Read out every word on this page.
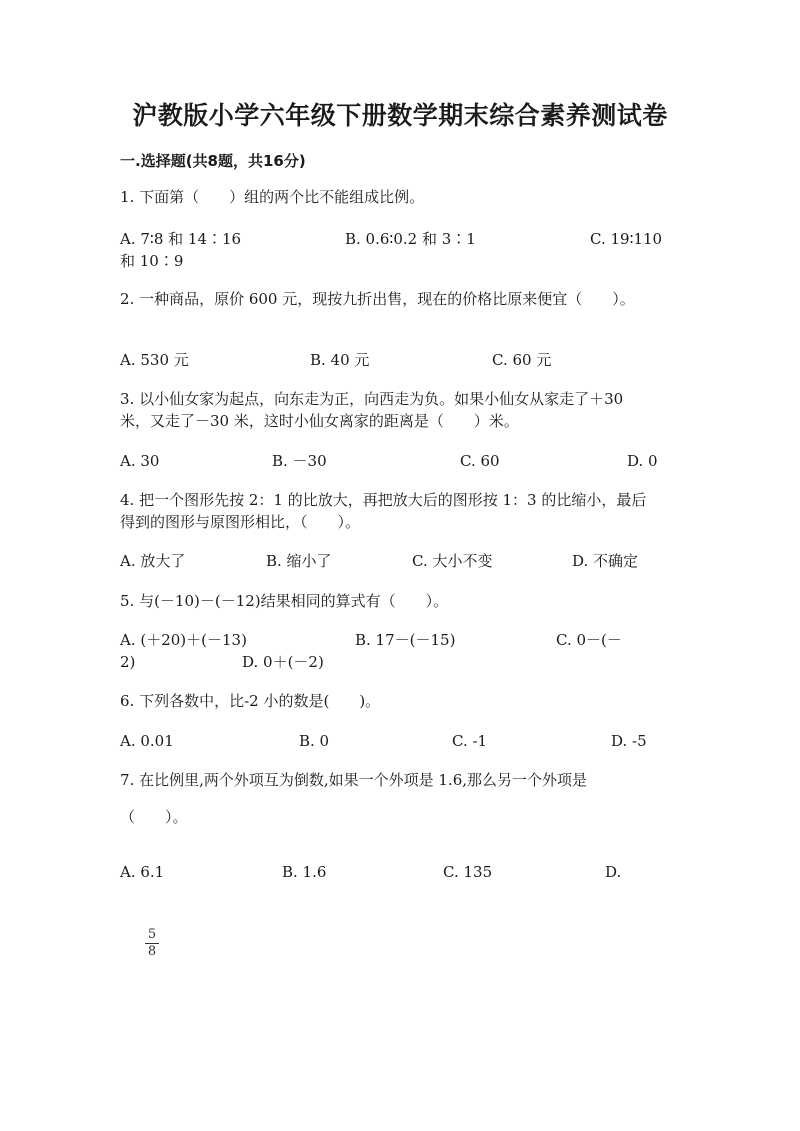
沪教版小学六年级下册数学期末综合素养测试卷
一.选择题(共8题，共16分)
1. 下面第（　　）组的两个比不能组成比例。
A. 7∶8 和 14∶16	B. 0.6∶0.2 和 3∶1	C. 19∶110
和 10∶9
2. 一种商品，原价 600 元，现按九折出售，现在的价格比原来便宜（　　）。
A. 530 元	B. 40 元	C. 60 元
3. 以小仙女家为起点，向东走为正，向西走为负。如果小仙女从家走了＋30
米，又走了－30 米，这时小仙女离家的距离是（　　）米。
A. 30	B. －30	C. 60	D. 0
4. 把一个图形先按 2：1 的比放大，再把放大后的图形按 1：3 的比缩小，最后
得到的图形与原图形相比，（　　）。
A. 放大了	B. 缩小了	C. 大小不变	D. 不确定
5. 与(－10)－(－12)结果相同的算式有（　　）。
A. (＋20)＋(－13)	B. 17－(－15)	C. 0－(－
2)	D. 0＋(－2)
6. 下列各数中，比-2 小的数是(　　)。
A. 0.01	B. 0	C. -1	D. -5
7. 在比例里,两个外项互为倒数,如果一个外项是 1.6,那么另一个外项是
（　　）。
A. 6.1	B. 1.6	C. 135	D.
5
8
